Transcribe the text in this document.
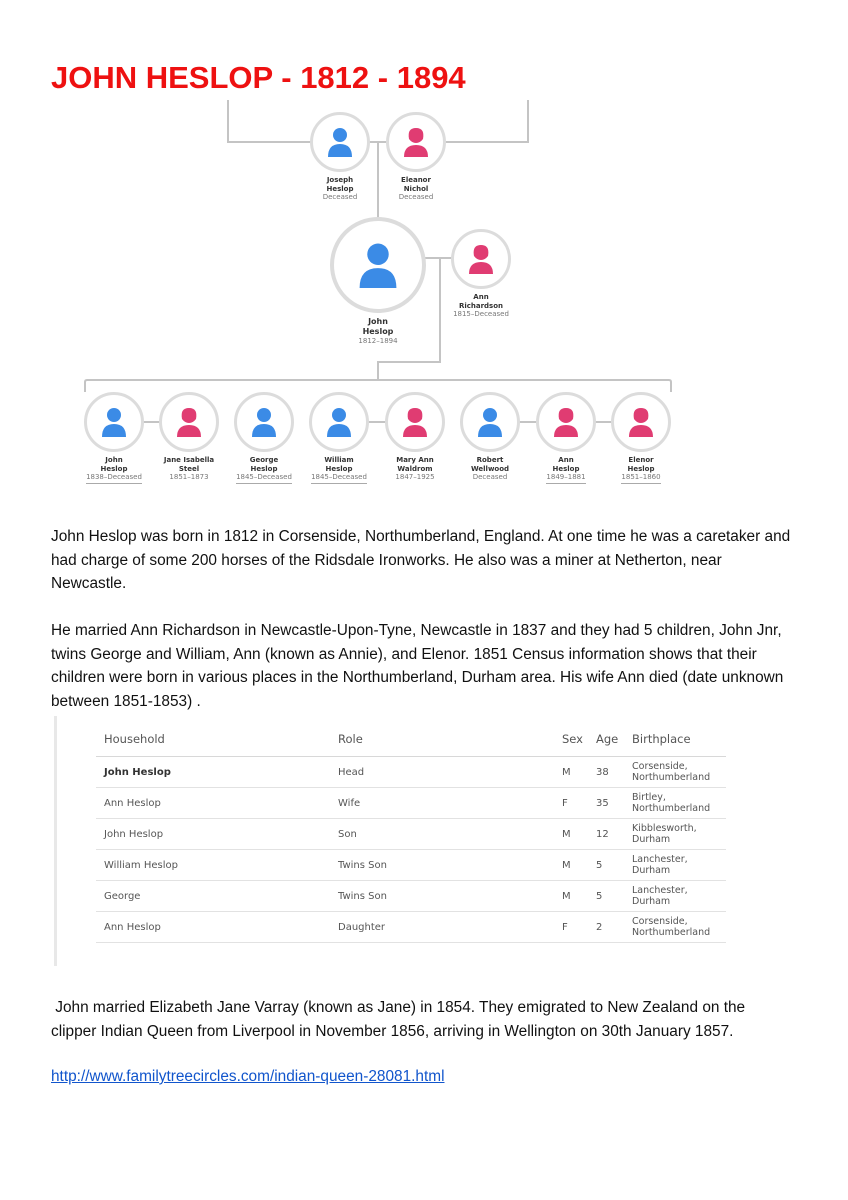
JOHN HESLOP - 1812 - 1894
Joseph
Heslop
Deceased
Eleanor
Nichol
Deceased
John
Heslop
1812–1894
Ann
Richardson
1815–Deceased
John
Heslop
1838–Deceased
Jane Isabella
Steel
1851–1873
George
Heslop
1845–Deceased
William
Heslop
1845–Deceased
Mary Ann
Waldrom
1847–1925
Robert
Wellwood
Deceased
Ann
Heslop
1849–1881
Elenor
Heslop
1851–1860

John Heslop was born in 1812 in Corsenside, Northumberland, England. At one time he was a caretaker and had charge of some 200 horses of the Ridsdale Ironworks. He also was a miner at Netherton, near Newcastle.

He married Ann Richardson in Newcastle-Upon-Tyne, Newcastle in 1837 and they had 5 children, John Jnr, twins George and William, Ann (known as Annie), and Elenor. 1851 Census information shows that their children were born in various places in the Northumberland, Durham area. His wife Ann died (date unknown between 1851-1853) .

Household	Role	Sex	Age	Birthplace
John Heslop	Head	M	38	Corsenside,
Northumberland
Ann Heslop	Wife	F	35	Birtley,
Northumberland
John Heslop	Son	M	12	Kibblesworth,
Durham
William Heslop	Twins Son	M	5	Lanchester,
Durham
George	Twins Son	M	5	Lanchester,
Durham
Ann Heslop	Daughter	F	2	Corsenside,
Northumberland

John married Elizabeth Jane Varray (known as Jane) in 1854. They emigrated to New Zealand on the clipper Indian Queen from Liverpool in November 1856, arriving in Wellington on 30th January 1857.

http://www.familytreecircles.com/indian-queen-28081.html
